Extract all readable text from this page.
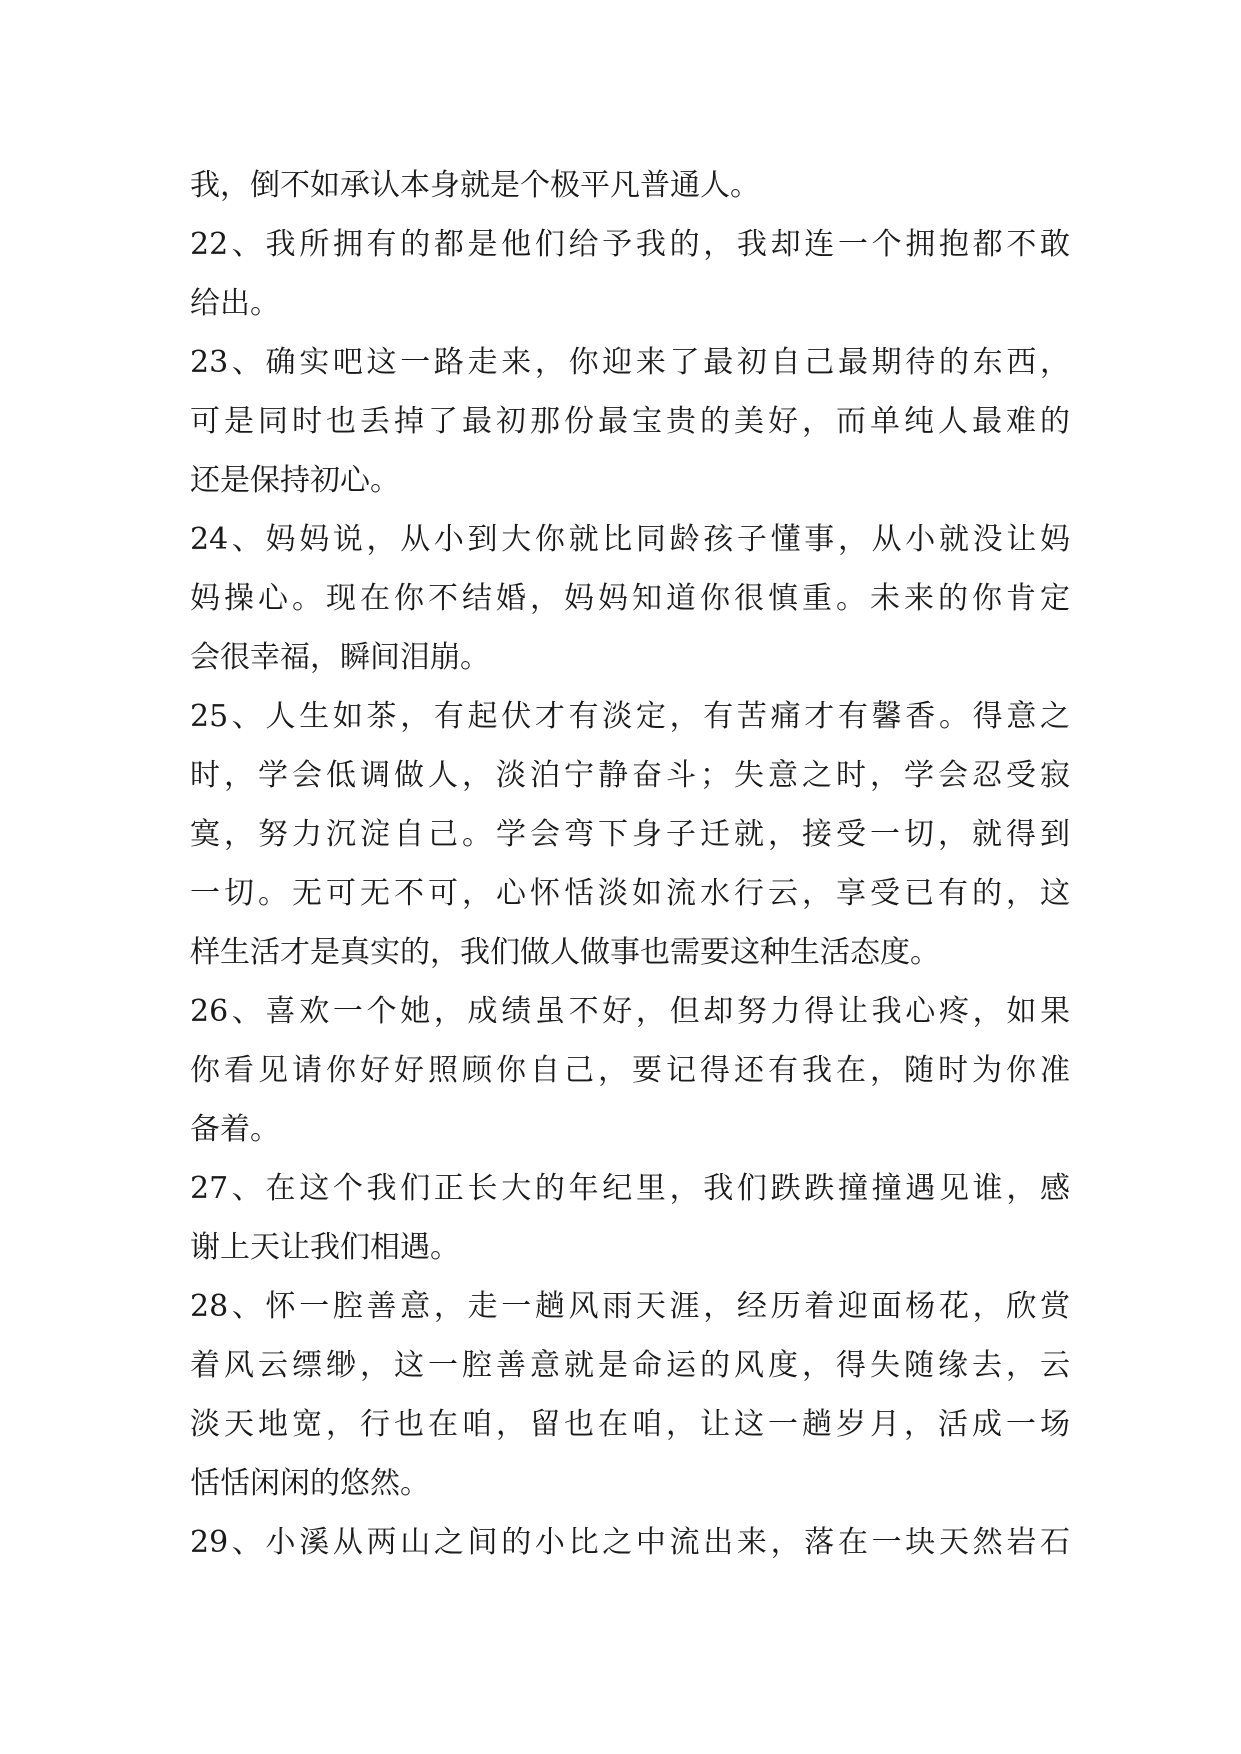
我，倒不如承认本身就是个极平凡普通人。
22、我所拥有的都是他们给予我的，我却连一个拥抱都不敢
给出。
23、确实吧这一路走来，你迎来了最初自己最期待的东西，
可是同时也丢掉了最初那份最宝贵的美好，而单纯人最难的
还是保持初心。
24、妈妈说，从小到大你就比同龄孩子懂事，从小就没让妈
妈操心。现在你不结婚，妈妈知道你很慎重。未来的你肯定
会很幸福，瞬间泪崩。
25、人生如茶，有起伏才有淡定，有苦痛才有馨香。得意之
时，学会低调做人，淡泊宁静奋斗；失意之时，学会忍受寂
寞，努力沉淀自己。学会弯下身子迁就，接受一切，就得到
一切。无可无不可，心怀恬淡如流水行云，享受已有的，这
样生活才是真实的，我们做人做事也需要这种生活态度。
26、喜欢一个她，成绩虽不好，但却努力得让我心疼，如果
你看见请你好好照顾你自己，要记得还有我在，随时为你准
备着。
27、在这个我们正长大的年纪里，我们跌跌撞撞遇见谁，感
谢上天让我们相遇。
28、怀一腔善意，走一趟风雨天涯，经历着迎面杨花，欣赏
着风云缥缈，这一腔善意就是命运的风度，得失随缘去，云
淡天地宽，行也在咱，留也在咱，让这一趟岁月，活成一场
恬恬闲闲的悠然。
29、小溪从两山之间的小比之中流出来，落在一块天然岩石
